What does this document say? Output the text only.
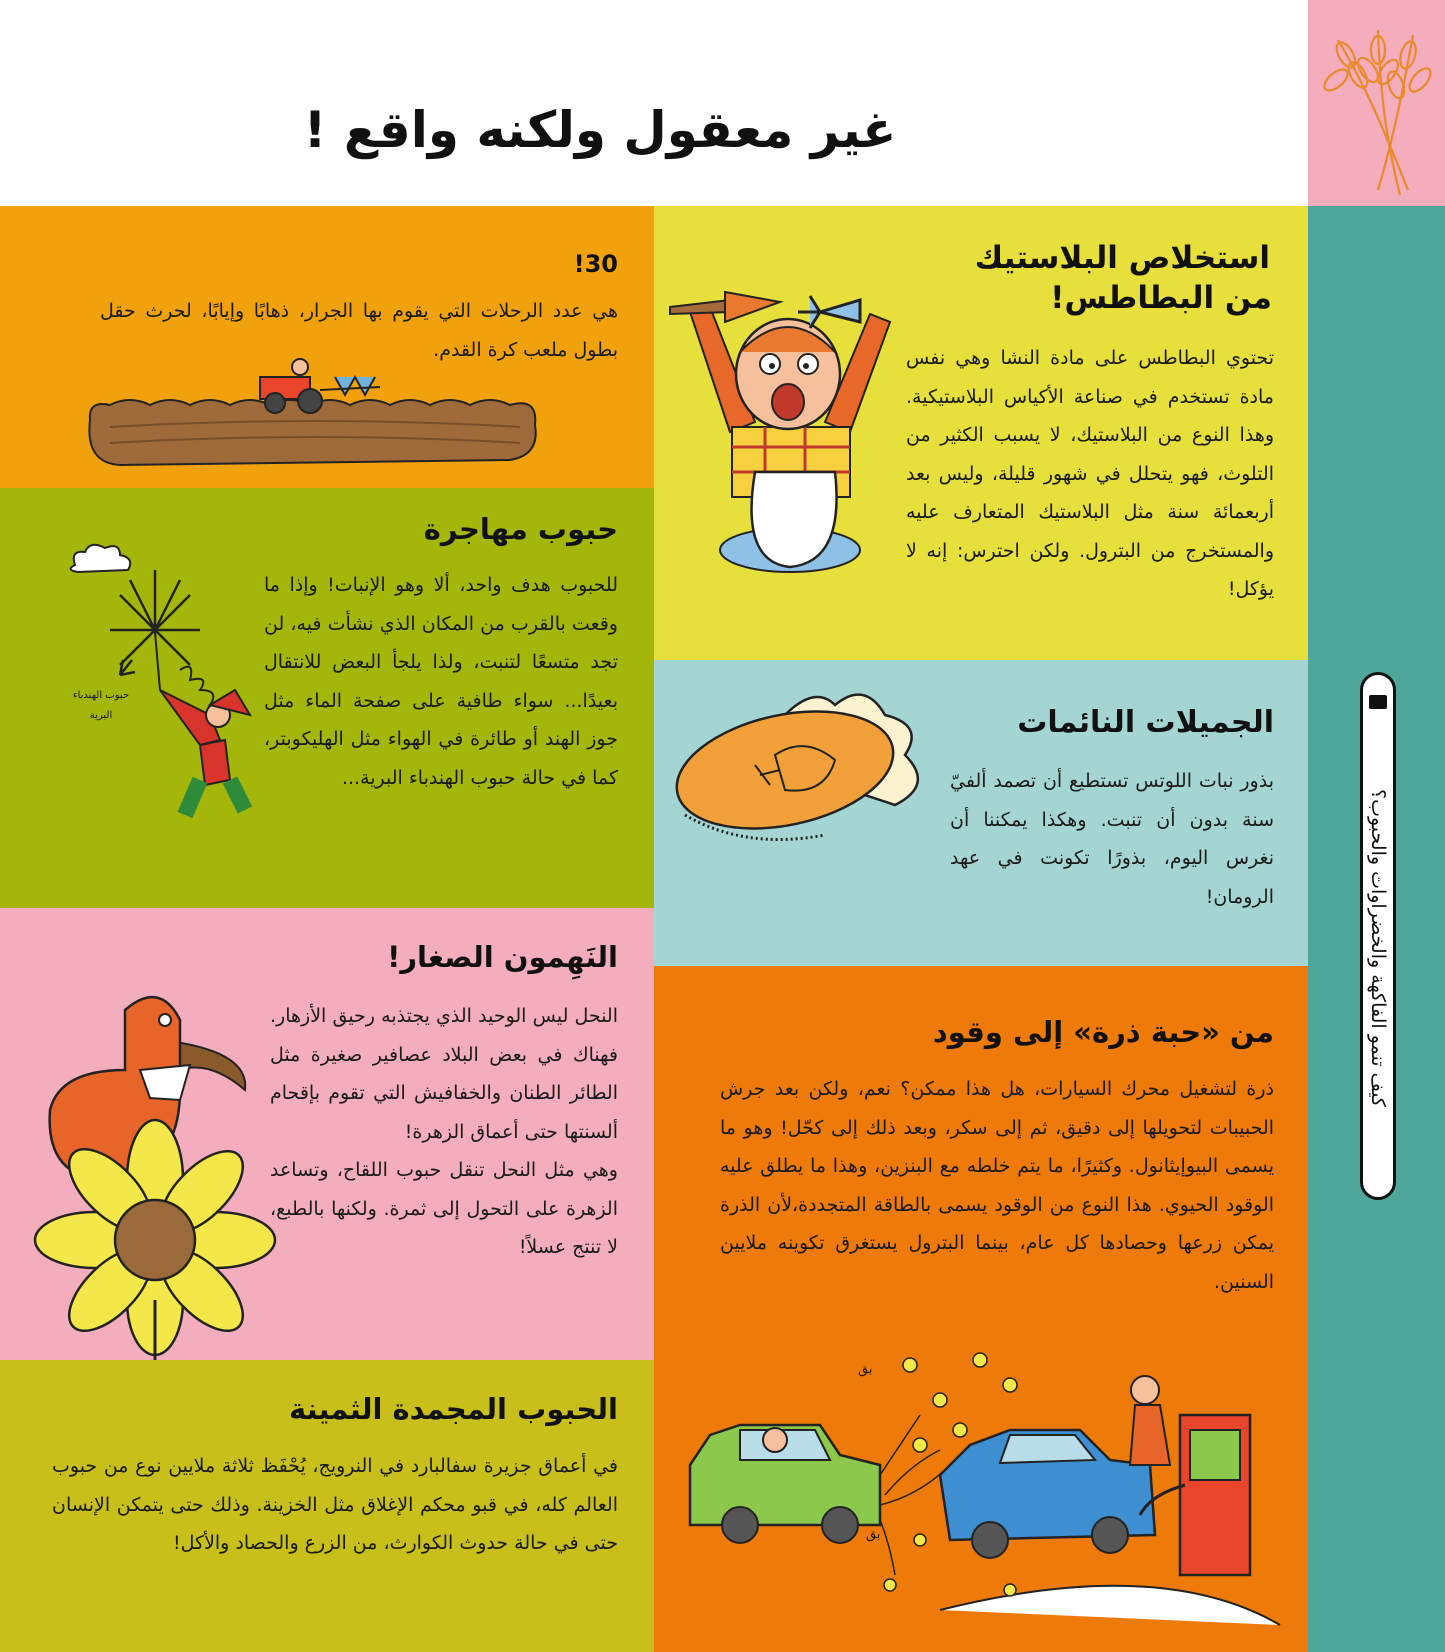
غير معقول ولكنه واقع !
كيف تنمو الفاكهة والخضراوات والحبوب؟
استخلاص البلاستيك
من البطاطس!
تحتوي البطاطس على مادة النشا وهي نفس مادة تستخدم في صناعة الأكياس البلاستيكية. وهذا النوع من البلاستيك، لا يسبب الكثير من التلوث، فهو يتحلل في شهور قليلة، وليس بعد أربعمائة سنة مثل البلاستيك المتعارف عليه والمستخرج من البترول. ولكن احترس: إنه لا يؤكل!
30!
هي عدد الرحلات التي يقوم بها الجرار، ذهابًا وإيابًا، لحرث حقل بطول ملعب كرة القدم.
حبوب مهاجرة
للحبوب هدف واحد، ألا وهو الإنبات! وإذا ما وقعت بالقرب من المكان الذي نشأت فيه، لن تجد متسعًا لتنبت، ولذا يلجأ البعض للانتقال بعيدًا... سواء طافية على صفحة الماء مثل جوز الهند أو طائرة في الهواء مثل الهليكوبتر، كما في حالة حبوب الهندباء البرية...
حبوب الهندباء البرية	الجميلات النائمات
بذور نبات اللوتس تستطيع أن تصمد ألفيّ سنة بدون أن تنبت. وهكذا يمكننا أن نغرس اليوم، بذورًا تكونت في عهد الرومان!
النَهِمون الصغار!

النحل ليس الوحيد الذي يجتذبه رحيق الأزهار. فهناك في بعض البلاد عصافير صغيرة مثل الطائر الطنان والخفافيش التي تقوم بإقحام ألسنتها حتى أعماق الزهرة!

وهي مثل النحل تنقل حبوب اللقاح، وتساعد الزهرة على التحول إلى ثمرة. ولكنها بالطبع، لا تنتج عسلاً!

من «حبة ذرة» إلى وقود
ذرة لتشغيل محرك السيارات، هل هذا ممكن؟ نعم، ولكن بعد جرش الحبيبات لتحويلها إلى دقيق، ثم إلى سكر، وبعد ذلك إلى كحّل! وهو ما يسمى البيوإيثانول. وكثيرًا، ما يتم خلطه مع البنزين، وهذا ما يطلق عليه الوقود الحيوي. هذا النوع من الوقود يسمى بالطاقة المتجددة،لأن الذرة يمكن زرعها وحصادها كل عام، بينما البترول يستغرق تكوينه ملايين السنين.
بق
بق
الحبوب المجمدة الثمينة
في أعماق جزيرة سفالبارد في النرويج، يُحْفَظ ثلاثة ملايين نوع من حبوب العالم كله، في قبو محكم الإغلاق مثل الخزينة. وذلك حتى يتمكن الإنسان حتى في حالة حدوث الكوارث، من الزرع والحصاد والأكل!
